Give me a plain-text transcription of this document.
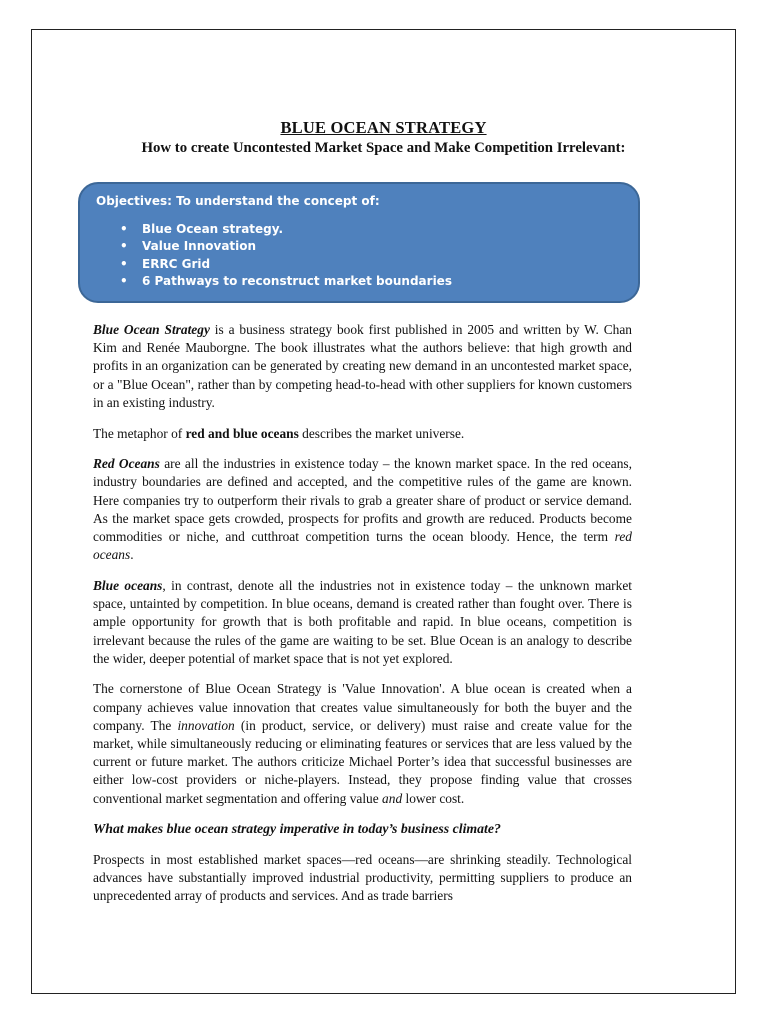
BLUE OCEAN STRATEGY
How to create Uncontested Market Space and Make Competition Irrelevant:
Objectives: To understand the concept of:
• Blue Ocean strategy.
• Value Innovation
• ERRC Grid
• 6 Pathways to reconstruct market boundaries

Blue Ocean Strategy is a business strategy book first published in 2005 and written by W. Chan Kim and Renée Mauborgne. The book illustrates what the authors believe: that high growth and profits in an organization can be generated by creating new demand in an uncontested market space, or a "Blue Ocean", rather than by competing head-to-head with other suppliers for known customers in an existing industry.

The metaphor of red and blue oceans describes the market universe.

Red Oceans are all the industries in existence today – the known market space. In the red oceans, industry boundaries are defined and accepted, and the competitive rules of the game are known. Here companies try to outperform their rivals to grab a greater share of product or service demand. As the market space gets crowded, prospects for profits and growth are reduced. Products become commodities or niche, and cutthroat competition turns the ocean bloody. Hence, the term red oceans.

Blue oceans, in contrast, denote all the industries not in existence today – the unknown market space, untainted by competition. In blue oceans, demand is created rather than fought over. There is ample opportunity for growth that is both profitable and rapid. In blue oceans, competition is irrelevant because the rules of the game are waiting to be set. Blue Ocean is an analogy to describe the wider, deeper potential of market space that is not yet explored.

The cornerstone of Blue Ocean Strategy is 'Value Innovation'. A blue ocean is created when a company achieves value innovation that creates value simultaneously for both the buyer and the company. The innovation (in product, service, or delivery) must raise and create value for the market, while simultaneously reducing or eliminating features or services that are less valued by the current or future market. The authors criticize Michael Porter’s idea that successful businesses are either low-cost providers or niche-players. Instead, they propose finding value that crosses conventional market segmentation and offering value and lower cost.

What makes blue ocean strategy imperative in today’s business climate?

Prospects in most established market spaces—red oceans—are shrinking steadily. Technological advances have substantially improved industrial productivity, permitting suppliers to produce an unprecedented array of products and services. And as trade barriers
